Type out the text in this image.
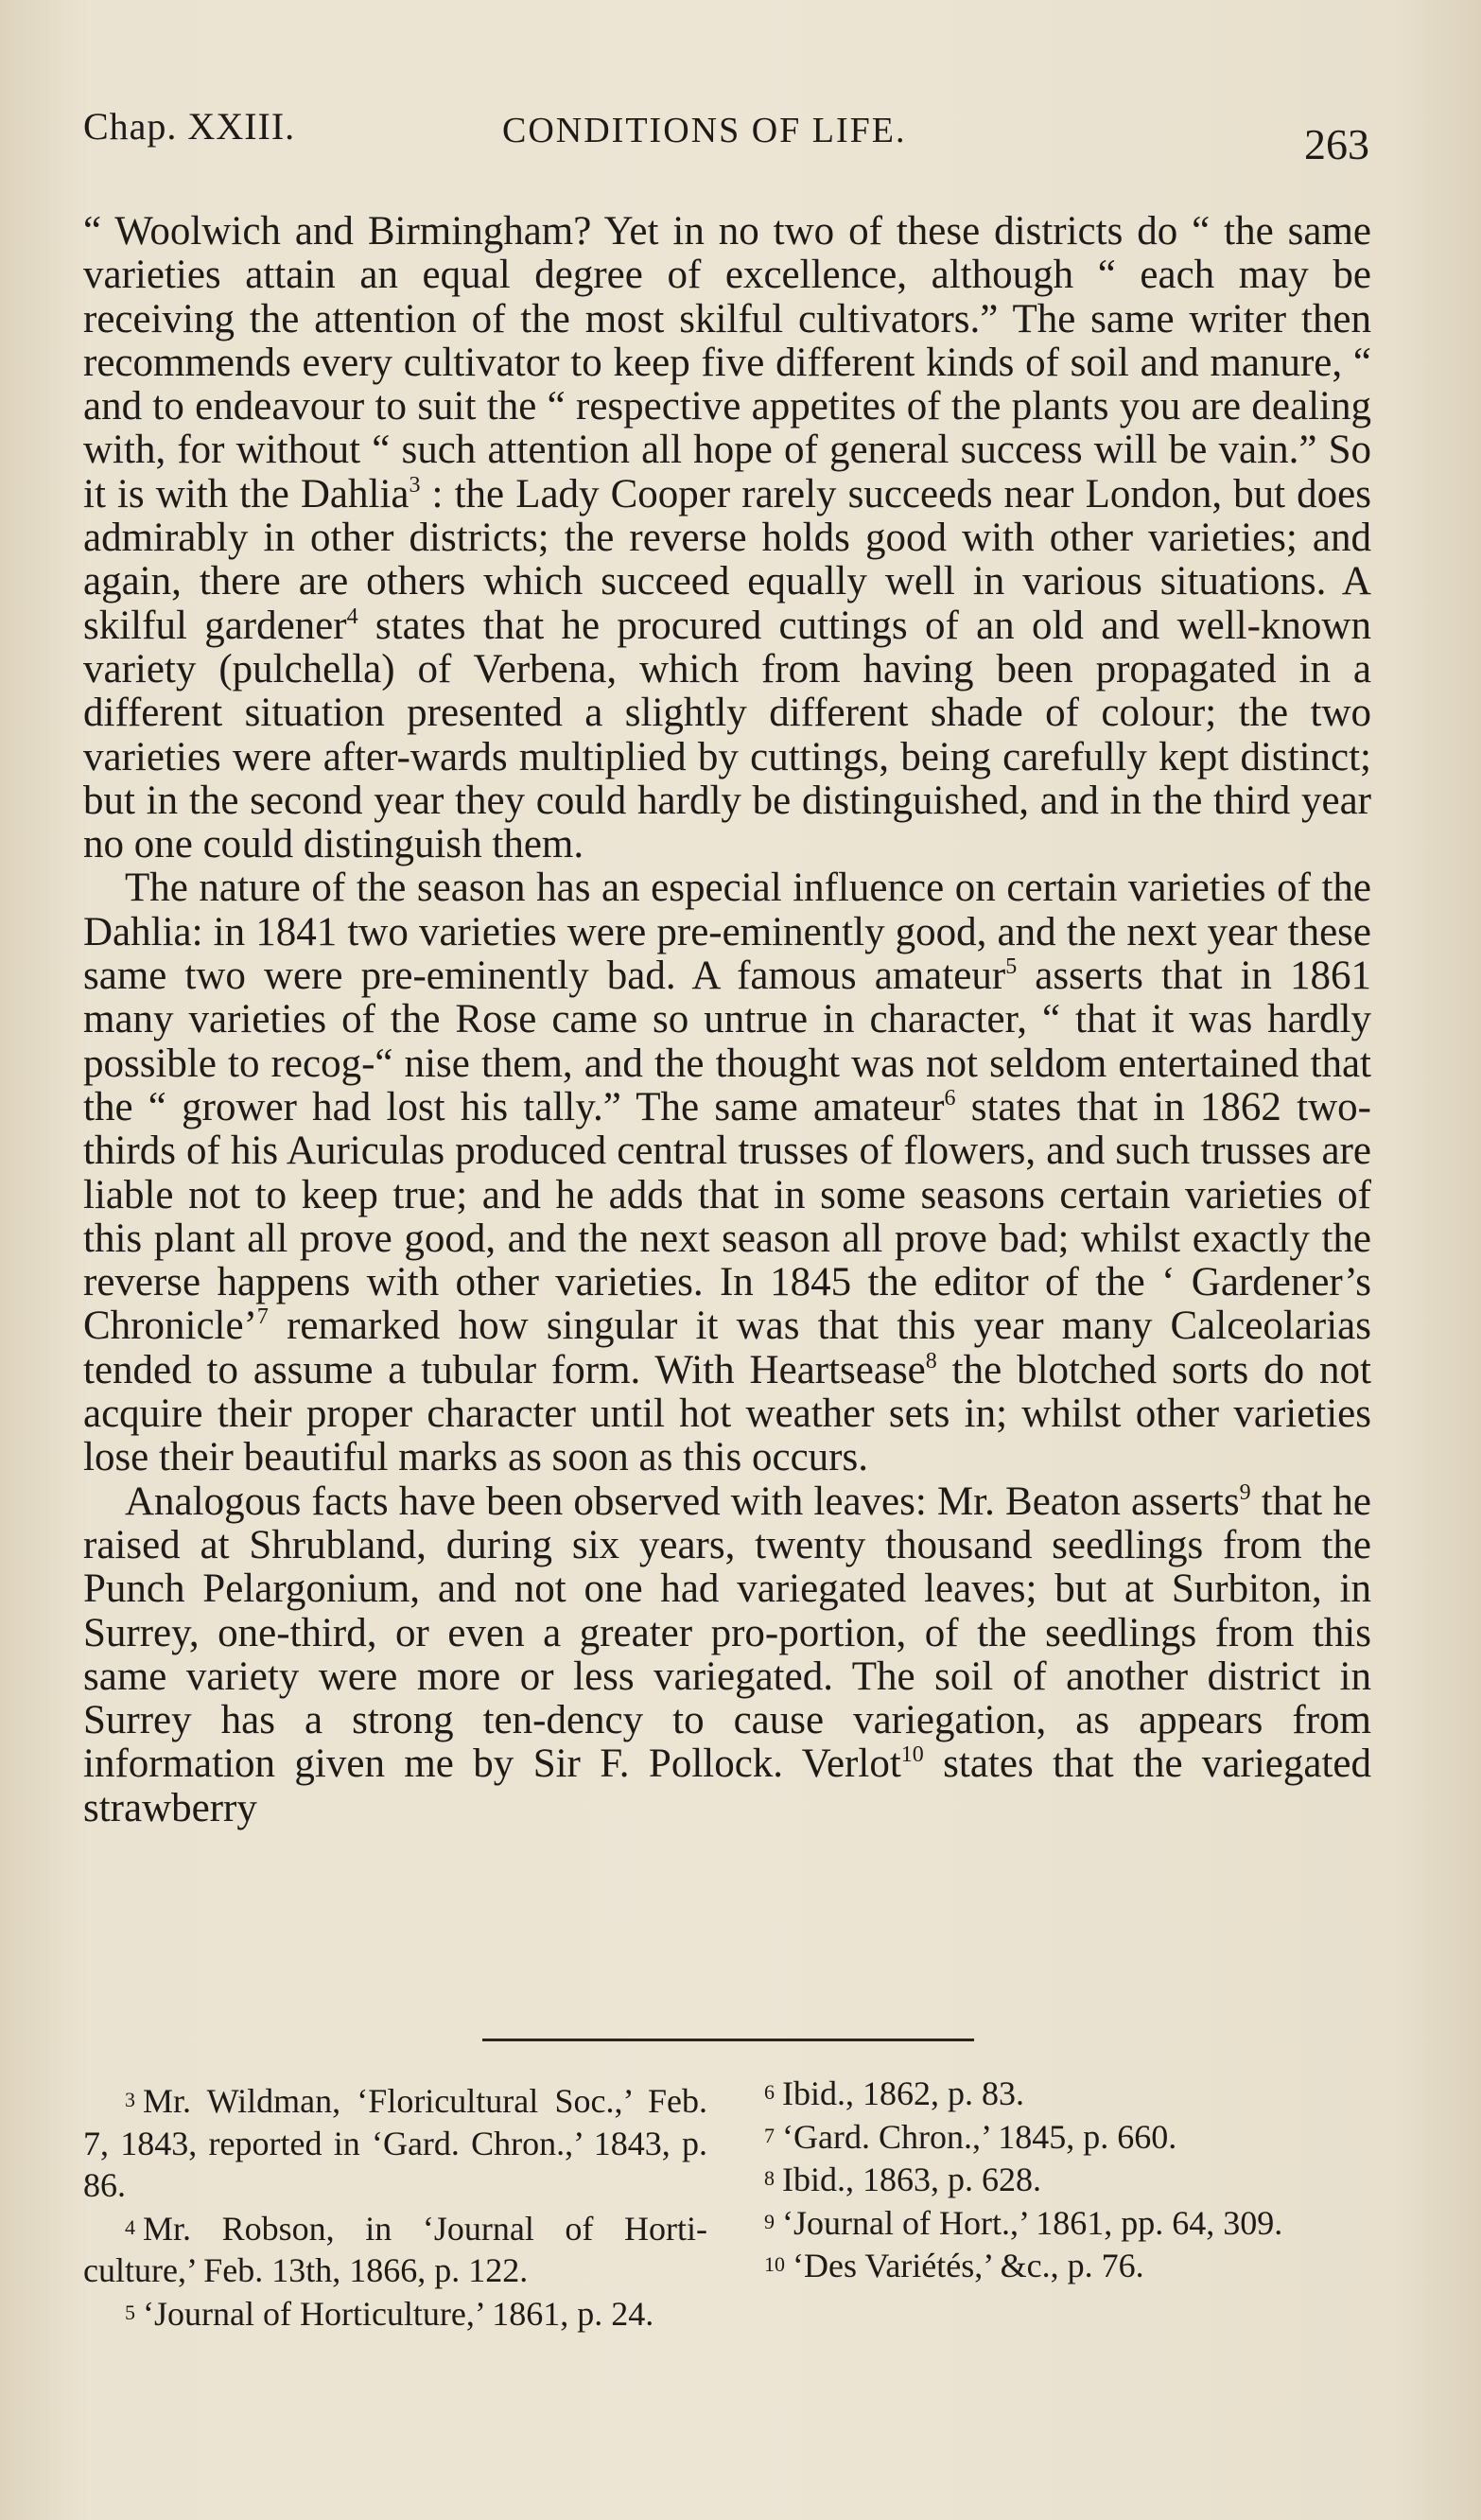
Chap. XXIII.	CONDITIONS OF LIFE.	263

“ Woolwich and Birmingham? Yet in no two of these districts do “ the same varieties attain an equal degree of excellence, although “ each may be receiving the attention of the most skilful cultivators.” The same writer then recommends every cultivator to keep five different kinds of soil and manure, “ and to endeavour to suit the “ respective appetites of the plants you are dealing with, for without “ such attention all hope of general success will be vain.” So it is with the Dahlia$^3$ : the Lady Cooper rarely succeeds near London, but does admirably in other districts; the reverse holds good with other varieties; and again, there are others which succeed equally well in various situations. A skilful gardener$^4$ states that he procured cuttings of an old and well-known variety (pulchella) of Verbena, which from having been propagated in a different situation presented a slightly different shade of colour; the two varieties were after-wards multiplied by cuttings, being carefully kept distinct; but in the second year they could hardly be distinguished, and in the third year no one could distinguish them.

The nature of the season has an especial influence on certain varieties of the Dahlia: in 1841 two varieties were pre-eminently good, and the next year these same two were pre-eminently bad. A famous amateur$^5$ asserts that in 1861 many varieties of the Rose came so untrue in character, “ that it was hardly possible to recog-“ nise them, and the thought was not seldom entertained that the “ grower had lost his tally.” The same amateur$^6$ states that in 1862 two-thirds of his Auriculas produced central trusses of flowers, and such trusses are liable not to keep true; and he adds that in some seasons certain varieties of this plant all prove good, and the next season all prove bad; whilst exactly the reverse happens with other varieties. In 1845 the editor of the ‘ Gardener’s Chronicle’$^7$ remarked how singular it was that this year many Calceolarias tended to assume a tubular form. With Heartsease$^8$ the blotched sorts do not acquire their proper character until hot weather sets in; whilst other varieties lose their beautiful marks as soon as this occurs.

Analogous facts have been observed with leaves: Mr. Beaton asserts$^9$ that he raised at Shrubland, during six years, twenty thousand seedlings from the Punch Pelargonium, and not one had variegated leaves; but at Surbiton, in Surrey, one-third, or even a greater pro-portion, of the seedlings from this same variety were more or less variegated. The soil of another district in Surrey has a strong ten-dency to cause variegation, as appears from information given me by Sir F. Pollock. Verlot$^{10}$ states that the variegated strawberry

3 Mr. Wildman, ‘Floricultural Soc.,’ Feb. 7, 1843, reported in ‘Gard. Chron.,’ 1843, p. 86.

4 Mr. Robson, in ‘Journal of Horti-culture,’ Feb. 13th, 1866, p. 122.

5 ‘Journal of Horticulture,’ 1861, p. 24.

6 Ibid., 1862, p. 83.

7 ‘Gard. Chron.,’ 1845, p. 660.

8 Ibid., 1863, p. 628.

9 ‘Journal of Hort.,’ 1861, pp. 64, 309.

10 ‘Des Variétés,’ &c., p. 76.
